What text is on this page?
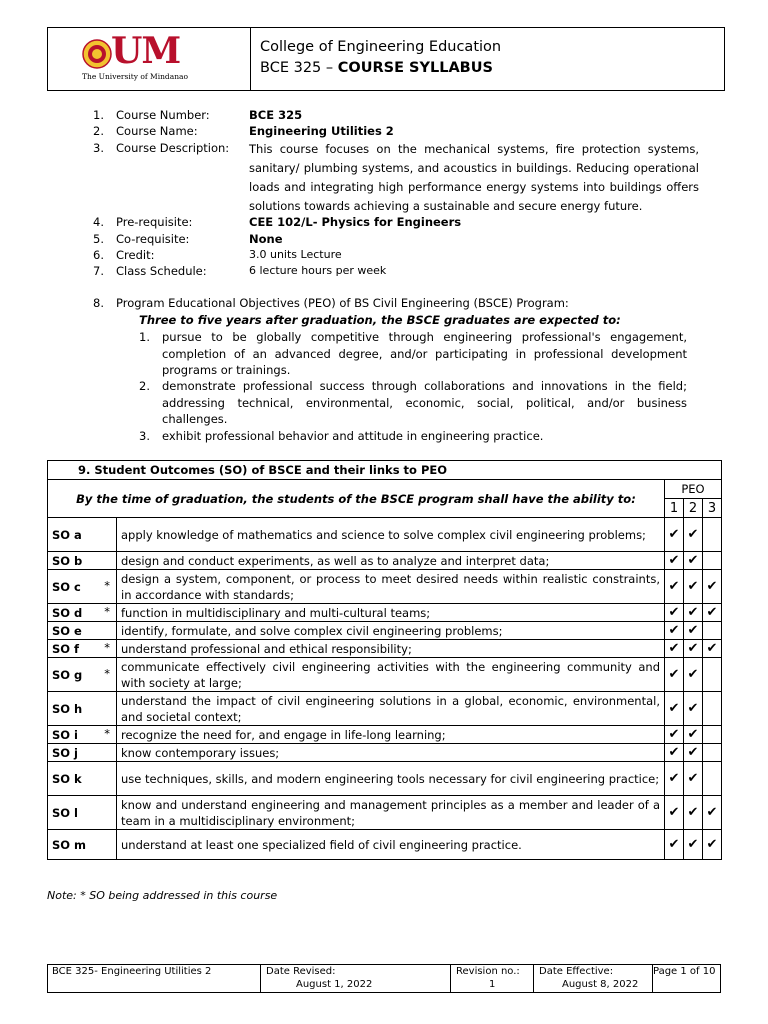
UM
The University of Mindanao
College of Engineering Education
BCE 325 – COURSE SYLLABUS
1. Course Number:	BCE 325
2. Course Name:	Engineering Utilities 2
3. Course Description: This course focuses on the mechanical systems, fire protection systems, sanitary/ plumbing systems, and acoustics in buildings. Reducing operational loads and integrating high performance energy systems into buildings offers solutions towards achieving a sustainable and secure energy future.
4. Pre-requisite:	CEE 102/L- Physics for Engineers
5. Co-requisite:	None
6. Credit:	3.0 units Lecture
7. Class Schedule:	6 lecture hours per week
8. Program Educational Objectives (PEO) of BS Civil Engineering (BSCE) Program:
Three to five years after graduation, the BSCE graduates are expected to:
1. pursue to be globally competitive through engineering professional's engagement, completion of an advanced degree, and/or participating in professional development programs or trainings.
2. demonstrate professional success through collaborations and innovations in the field; addressing technical, environmental, economic, social, political, and/or business challenges.
3. exhibit professional behavior and attitude in engineering practice.
9. Student Outcomes (SO) of BSCE and their links to PEO				
By the time of graduation, the students of the BSCE program shall have the ability to:		PEO		
		1	2	3
SO a	apply knowledge of mathematics and science to solve complex civil engineering problems;	✔	✔	
SO b	design and conduct experiments, as well as to analyze and interpret data;	✔	✔	
SO c *	design a system, component, or process to meet desired needs within realistic constraints, in accordance with standards;	✔	✔	✔
SO d *	function in multidisciplinary and multi-cultural teams;	✔	✔	✔
SO e	identify, formulate, and solve complex civil engineering problems;	✔	✔	
SO f *	understand professional and ethical responsibility;	✔	✔	✔
SO g *	communicate effectively civil engineering activities with the engineering community and with society at large;	✔	✔	
SO h	understand the impact of civil engineering solutions in a global, economic, environmental, and societal context;	✔	✔	
SO i *	recognize the need for, and engage in life-long learning;	✔	✔	
SO j	know contemporary issues;	✔	✔	
SO k	use techniques, skills, and modern engineering tools necessary for civil engineering practice;	✔	✔	
SO l	know and understand engineering and management principles as a member and leader of a team in a multidisciplinary environment;	✔	✔	✔
SO m	understand at least one specialized field of civil engineering practice.	✔	✔	✔
Note: * SO being addressed in this course
BCE 325- Engineering Utilities 2	Date Revised:
August 1, 2022
Revision no.:
1
Date Effective:
August 8, 2022
Page 1 of 10
